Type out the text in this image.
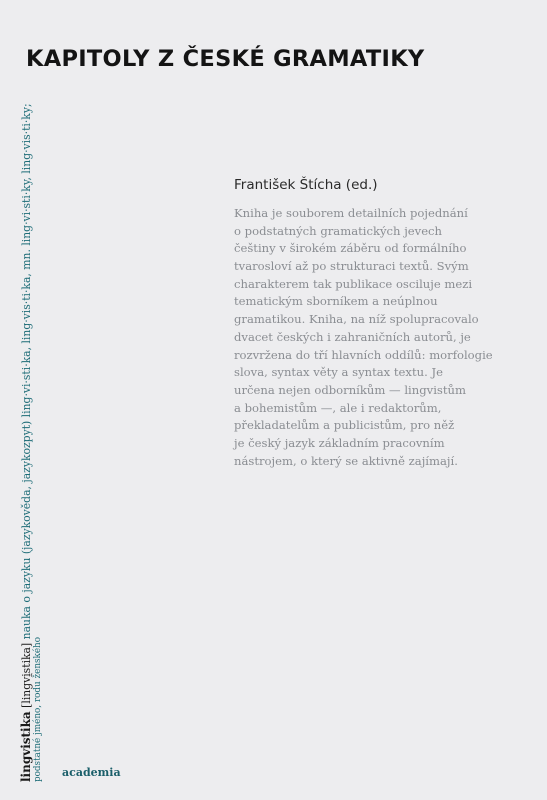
KAPITOLY Z ČESKÉ GRAMATIKY
František Štícha (ed.)
Kniha je souborem detailních pojednání
o podstatných gramatických jevech
češtiny v širokém záběru od formálního
tvarosloví až po strukturaci textů. Svým
charakterem tak publikace osciluje mezi
tematickým sborníkem a neúplnou
gramatikou. Kniha, na níž spolupracovalo
dvacet českých i zahraničních autorů, je
rozvržena do tří hlavních oddílů: morfologie
slova, syntax věty a syntax textu. Je
určena nejen odborníkům — lingvistům
a bohemistům —, ale i redaktorům,
překladatelům a publicistům, pro něž
je český jazyk základním pracovním
nástrojem, o který se aktivně zajímají.
lingvistika [lingvi̯stika] nauka o jazyku (jazykověda, jazykozpyt) ling·vi·sti·ka, ling·vis·ti·ka, mn. ling·vi·sti·ky, ling·vis·ti·ky;
podstatné jméno, rodu ženského academia
